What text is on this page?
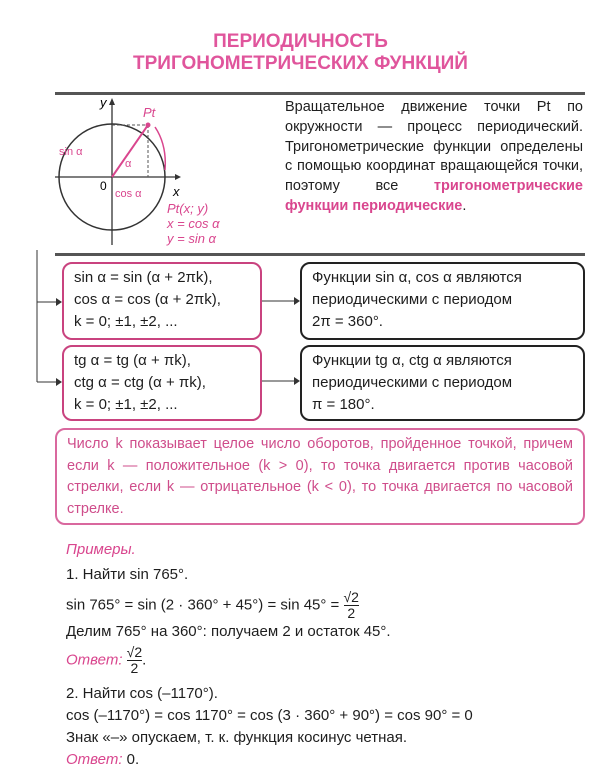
ПЕРИОДИЧНОСТЬ
ТРИГОНОМЕТРИЧЕСКИХ ФУНКЦИЙ
y
x
0
Pt
sin α
cos α
α
Pt(x; y)
x = cos α
y = sin α
Вращательное движение точки Pt по окружности — процесс периодический. Тригонометрические функции определены с помощью координат вращающейся точки, поэтому все тригонометрические функции периодические.
sin α = sin (α + 2πk),
cos α = cos (α + 2πk),
k = 0; ±1, ±2, ...
Функции sin α, cos α являются
периодическими с периодом
2π = 360°.
tg α = tg (α + πk),
ctg α = ctg (α + πk),
k = 0; ±1, ±2, ...
Функции tg α, ctg α являются
периодическими с периодом
π = 180°.
Число k показывает целое число оборотов, пройденное точкой, причем если k — положительное (k > 0), то точка двигается против часовой стрелки, если k — отрицательное (k < 0), то точка двигается по часовой стрелке.
Примеры.
1. Найти sin 765°.
$\sin 765^\circ = \sin (2 \cdot 360^\circ + 45^\circ) = \sin 45^\circ = \frac{√2}{2}$
Делим 765° на 360°: получаем 2 и остаток 45°.
Ответ: $\frac{√2}{2}$ .
2. Найти cos (–1170°).
cos (–1170°) = cos 1170° = cos (3 · 360° + 90°) = cos 90° = 0
Знак «–» опускаем, т. к. функция косинус четная.
Ответ: 0.
